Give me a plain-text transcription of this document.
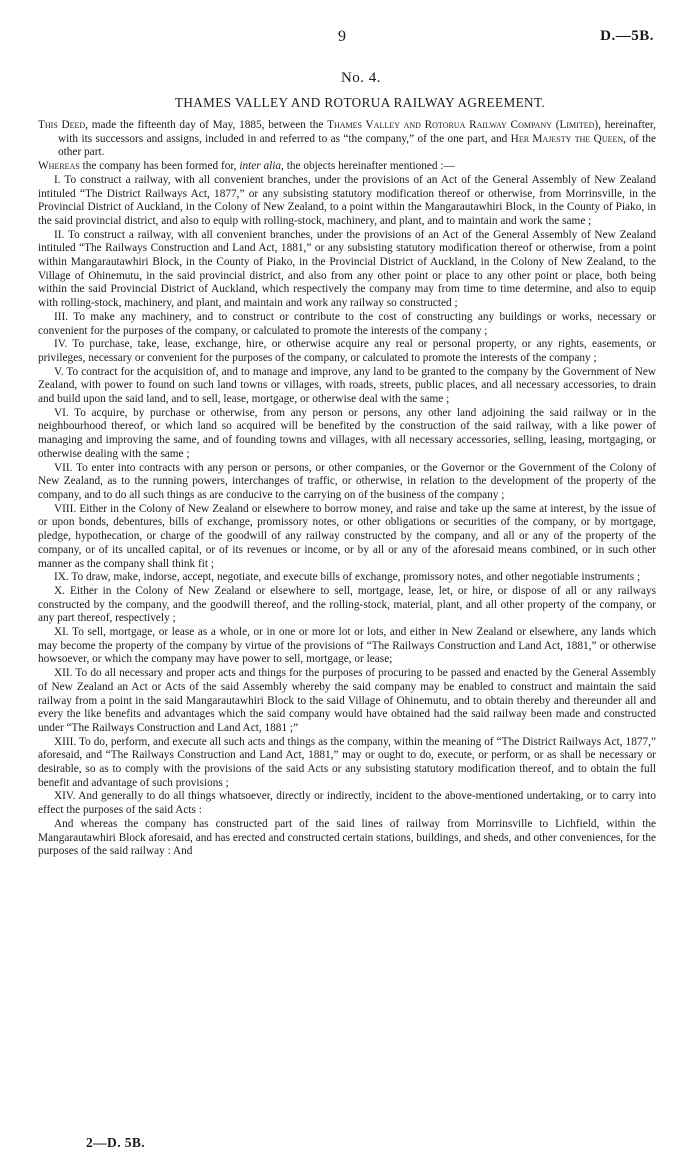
9	D.—5B.
No. 4.
THAMES VALLEY AND ROTORUA RAILWAY AGREEMENT.

This Deed, made the fifteenth day of May, 1885, between the Thames Valley and Rotorua Railway Company (Limited), hereinafter, with its successors and assigns, included in and referred to as “the company,” of the one part, and Her Majesty the Queen, of the other part.

Whereas the company has been formed for, inter alia, the objects hereinafter mentioned :—

I. To construct a railway, with all convenient branches, under the provisions of an Act of the General Assembly of New Zealand intituled “The District Railways Act, 1877,” or any subsisting statutory modification thereof or otherwise, from Morrinsville, in the Provincial District of Auckland, in the Colony of New Zealand, to a point within the Mangarautawhiri Block, in the County of Piako, in the said provincial district, and also to equip with rolling-stock, machinery, and plant, and to maintain and work the same ;

II. To construct a railway, with all convenient branches, under the provisions of an Act of the General Assembly of New Zealand intituled “The Railways Construction and Land Act, 1881,” or any subsisting statutory modification thereof or otherwise, from a point within Mangarautawhiri Block, in the County of Piako, in the Provincial District of Auckland, in the Colony of New Zealand, to the Village of Ohinemutu, in the said provincial district, and also from any other point or place to any other point or place, both being within the said Provincial District of Auckland, which respectively the company may from time to time determine, and also to equip with rolling-stock, machinery, and plant, and maintain and work any railway so constructed ;

III. To make any machinery, and to construct or contribute to the cost of constructing any buildings or works, necessary or convenient for the purposes of the company, or calculated to promote the interests of the company ;

IV. To purchase, take, lease, exchange, hire, or otherwise acquire any real or personal property, or any rights, easements, or privileges, necessary or convenient for the purposes of the company, or calculated to promote the interests of the company ;

V. To contract for the acquisition of, and to manage and improve, any land to be granted to the company by the Government of New Zealand, with power to found on such land towns or villages, with roads, streets, public places, and all necessary accessories, to drain and build upon the said land, and to sell, lease, mortgage, or otherwise deal with the same ;

VI. To acquire, by purchase or otherwise, from any person or persons, any other land adjoining the said railway or in the neighbourhood thereof, or which land so acquired will be benefited by the construction of the said railway, with a like power of managing and improving the same, and of founding towns and villages, with all necessary accessories, selling, leasing, mortgaging, or otherwise dealing with the same ;

VII. To enter into contracts with any person or persons, or other companies, or the Governor or the Government of the Colony of New Zealand, as to the running powers, interchanges of traffic, or otherwise, in relation to the development of the property of the company, and to do all such things as are conducive to the carrying on of the business of the company ;

VIII. Either in the Colony of New Zealand or elsewhere to borrow money, and raise and take up the same at interest, by the issue of or upon bonds, debentures, bills of exchange, promissory notes, or other obligations or securities of the company, or by mortgage, pledge, hypothecation, or charge of the goodwill of any railway constructed by the company, and all or any of the property of the company, or of its uncalled capital, or of its revenues or income, or by all or any of the aforesaid means combined, or in such other manner as the company shall think fit ;

IX. To draw, make, indorse, accept, negotiate, and execute bills of exchange, promissory notes, and other negotiable instruments ;

X. Either in the Colony of New Zealand or elsewhere to sell, mortgage, lease, let, or hire, or dispose of all or any railways constructed by the company, and the goodwill thereof, and the rolling-stock, material, plant, and all other property of the company, or any part thereof, respectively ;

XI. To sell, mortgage, or lease as a whole, or in one or more lot or lots, and either in New Zealand or elsewhere, any lands which may become the property of the company by virtue of the provisions of “The Railways Construction and Land Act, 1881,” or otherwise howsoever, or which the company may have power to sell, mortgage, or lease;

XII. To do all necessary and proper acts and things for the purposes of procuring to be passed and enacted by the General Assembly of New Zealand an Act or Acts of the said Assembly whereby the said company may be enabled to construct and maintain the said railway from a point in the said Mangarautawhiri Block to the said Village of Ohinemutu, and to obtain thereby and thereunder all and every the like benefits and advantages which the said company would have obtained had the said railway been made and constructed under “The Railways Construction and Land Act, 1881 ;”

XIII. To do, perform, and execute all such acts and things as the company, within the meaning of “The District Railways Act, 1877,” aforesaid, and “The Railways Construction and Land Act, 1881,” may or ought to do, execute, or perform, or as shall be necessary or desirable, so as to comply with the provisions of the said Acts or any subsisting statutory modification thereof, and to obtain the full benefit and advantage of such provisions ;

XIV. And generally to do all things whatsoever, directly or indirectly, incident to the above-mentioned undertaking, or to carry into effect the purposes of the said Acts :

And whereas the company has constructed part of the said lines of railway from Morrinsville to Lichfield, within the Mangarautawhiri Block aforesaid, and has erected and constructed certain stations, buildings, and sheds, and other conveniences, for the purposes of the said railway : And

2—D. 5B.
